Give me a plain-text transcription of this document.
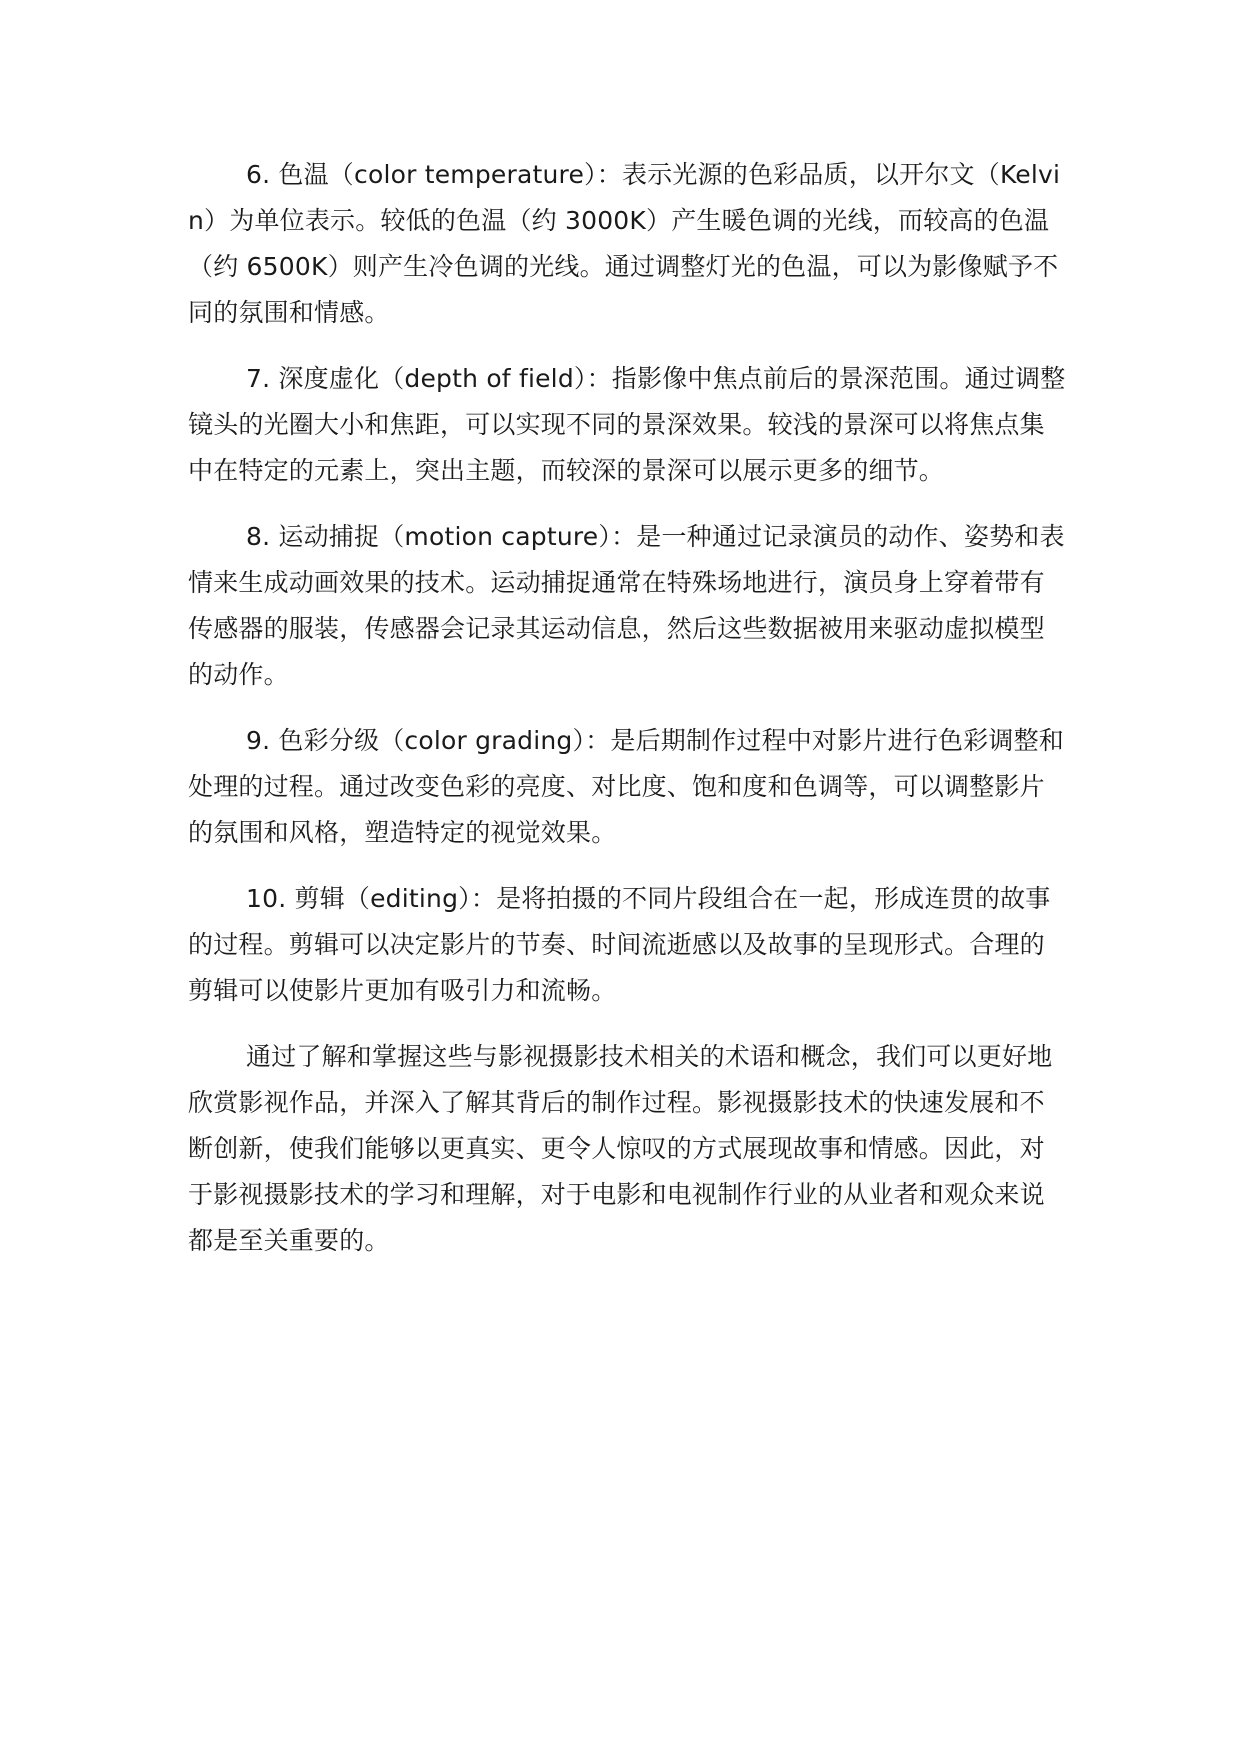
6. 色温（color temperature）：表示光源的色彩品质，以开尔文（Kelvin）为单位表示。较低的色温（约 3000K）产生暖色调的光线，而较高的色温（约 6500K）则产生冷色调的光线。通过调整灯光的色温，可以为影像赋予不同的氛围和情感。

7. 深度虚化（depth of field）：指影像中焦点前后的景深范围。通过调整镜头的光圈大小和焦距，可以实现不同的景深效果。较浅的景深可以将焦点集中在特定的元素上，突出主题，而较深的景深可以展示更多的细节。

8. 运动捕捉（motion capture）：是一种通过记录演员的动作、姿势和表情来生成动画效果的技术。运动捕捉通常在特殊场地进行，演员身上穿着带有传感器的服装，传感器会记录其运动信息，然后这些数据被用来驱动虚拟模型的动作。

9. 色彩分级（color grading）：是后期制作过程中对影片进行色彩调整和处理的过程。通过改变色彩的亮度、对比度、饱和度和色调等，可以调整影片的氛围和风格，塑造特定的视觉效果。

10. 剪辑（editing）：是将拍摄的不同片段组合在一起，形成连贯的故事的过程。剪辑可以决定影片的节奏、时间流逝感以及故事的呈现形式。合理的剪辑可以使影片更加有吸引力和流畅。

通过了解和掌握这些与影视摄影技术相关的术语和概念，我们可以更好地欣赏影视作品，并深入了解其背后的制作过程。影视摄影技术的快速发展和不断创新，使我们能够以更真实、更令人惊叹的方式展现故事和情感。因此，对于影视摄影技术的学习和理解，对于电影和电视制作行业的从业者和观众来说都是至关重要的。
